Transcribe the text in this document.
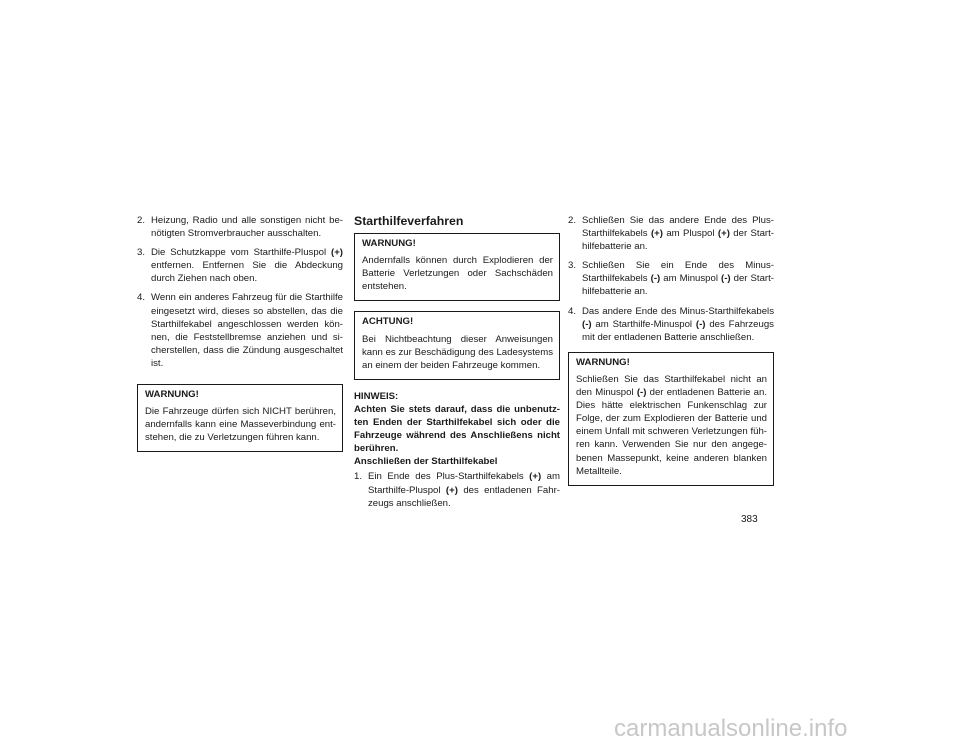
2. Heizung, Radio und alle sonstigen nicht benötigten Stromverbraucher ausschalten.
3. Die Schutzkappe vom Starthilfe-Pluspol (+) entfernen. Entfernen Sie die Abdeckung durch Ziehen nach oben.
4. Wenn ein anderes Fahrzeug für die Starthilfe eingesetzt wird, dieses so abstellen, das die Starthilfekabel angeschlossen werden können, die Feststellbremse anziehen und sicherstellen, dass die Zündung ausgeschaltet ist.
WARNUNG!
Die Fahrzeuge dürfen sich NICHT berühren, andernfalls kann eine Masseverbindung entstehen, die zu Verletzungen führen kann.
Starthilfeverfahren
WARNUNG!
Andernfalls können durch Explodieren der Batterie Verletzungen oder Sachschäden entstehen.
ACHTUNG!
Bei Nichtbeachtung dieser Anweisungen kann es zur Beschädigung des Ladesystems an einem der beiden Fahrzeuge kommen.
HINWEIS:
Achten Sie stets darauf, dass die unbenutzten Enden der Starthilfekabel sich oder die Fahrzeuge während des Anschließens nicht berühren.
Anschließen der Starthilfekabel
1. Ein Ende des Plus-Starthilfekabels (+) am Starthilfe-Pluspol (+) des entladenen Fahrzeugs anschließen.
2. Schließen Sie das andere Ende des Plus-Starthilfekabels (+) am Pluspol (+) der Starthilfebatterie an.
3. Schließen Sie ein Ende des Minus-Starthilfekabels (-) am Minuspol (-) der Starthilfebatterie an.
4. Das andere Ende des Minus-Starthilfekabels (-) am Starthilfe-Minuspol (-) des Fahrzeugs mit der entladenen Batterie anschließen.
WARNUNG!
Schließen Sie das Starthilfekabel nicht an den Minuspol (-) der entladenen Batterie an. Dies hätte elektrischen Funkenschlag zur Folge, der zum Explodieren der Batterie und einem Unfall mit schweren Verletzungen führen kann. Verwenden Sie nur den angegebenen Massepunkt, keine anderen blanken Metallteile.
383
carmanualsonline.info
